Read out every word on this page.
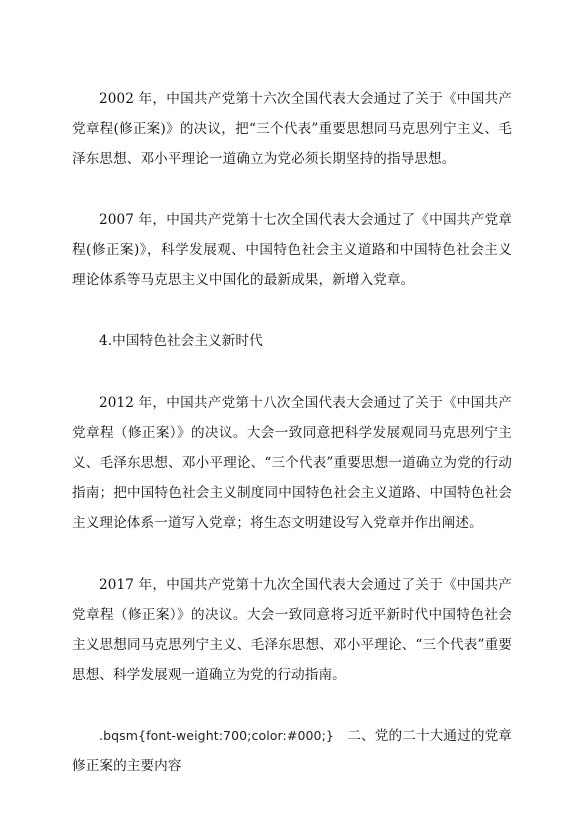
2002 年，中国共产党第十六次全国代表大会通过了关于《中国共产党章程(修正案)》的决议，把“三个代表”重要思想同马克思列宁主义、毛泽东思想、邓小平理论一道确立为党必须长期坚持的指导思想。

2007 年，中国共产党第十七次全国代表大会通过了《中国共产党章程(修正案)》，科学发展观、中国特色社会主义道路和中国特色社会主义理论体系等马克思主义中国化的最新成果，新增入党章。

4.中国特色社会主义新时代

2012 年，中国共产党第十八次全国代表大会通过了关于《中国共产党章程（修正案）》的决议。大会一致同意把科学发展观同马克思列宁主义、毛泽东思想、邓小平理论、“三个代表”重要思想一道确立为党的行动指南；把中国特色社会主义制度同中国特色社会主义道路、中国特色社会主义理论体系一道写入党章；将生态文明建设写入党章并作出阐述。

2017 年，中国共产党第十九次全国代表大会通过了关于《中国共产党章程（修正案）》的决议。大会一致同意将习近平新时代中国特色社会主义思想同马克思列宁主义、毛泽东思想、邓小平理论、“三个代表”重要思想、科学发展观一道确立为党的行动指南。

.bqsm{font-weight:700;color:#000;} 二、党的二十大通过的党章修正案的主要内容
